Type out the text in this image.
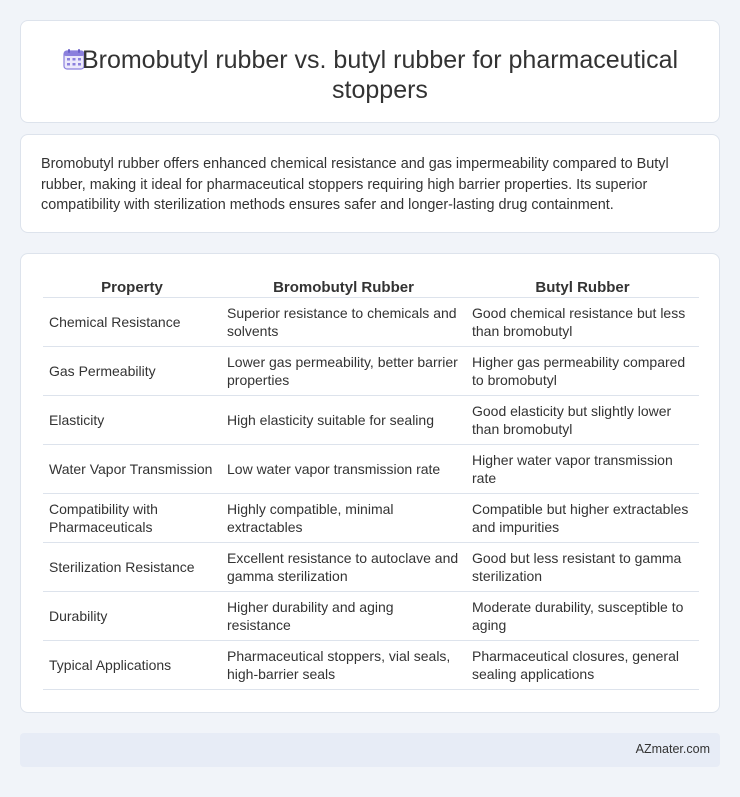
Bromobutyl rubber vs. butyl rubber for pharmaceutical stoppers

Bromobutyl rubber offers enhanced chemical resistance and gas impermeability compared to Butyl rubber, making it ideal for pharmaceutical stoppers requiring high barrier properties. Its superior compatibility with sterilization methods ensures safer and longer-lasting drug containment.

Property	Bromobutyl Rubber	Butyl Rubber
Chemical Resistance	Superior resistance to chemicals and solvents	Good chemical resistance but less than bromobutyl
Gas Permeability	Lower gas permeability, better barrier properties	Higher gas permeability compared to bromobutyl
Elasticity	High elasticity suitable for sealing	Good elasticity but slightly lower than bromobutyl
Water Vapor Transmission	Low water vapor transmission rate	Higher water vapor transmission rate
Compatibility with Pharmaceuticals	Highly compatible, minimal extractables	Compatible but higher extractables and impurities
Sterilization Resistance	Excellent resistance to autoclave and gamma sterilization	Good but less resistant to gamma sterilization
Durability	Higher durability and aging resistance	Moderate durability, susceptible to aging
Typical Applications	Pharmaceutical stoppers, vial seals, high-barrier seals	Pharmaceutical closures, general sealing applications
AZmater.com
